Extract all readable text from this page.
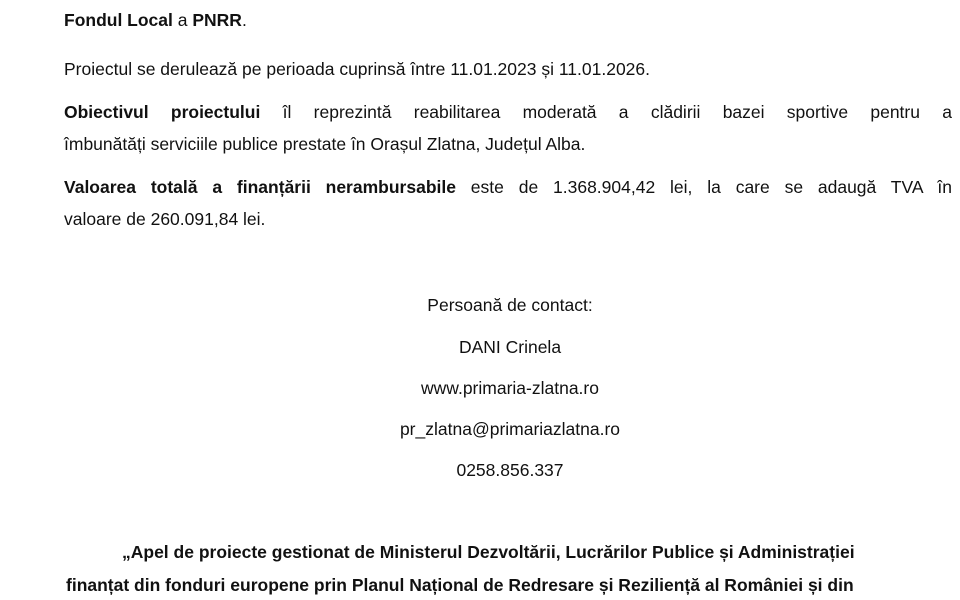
Fondul Local a PNRR.
Proiectul se derulează pe perioada cuprinsă între 11.01.2023 și 11.01.2026.
Obiectivul proiectului îl reprezintă reabilitarea moderată a clădirii bazei sportive pentru a
îmbunătăți serviciile publice prestate în Orașul Zlatna, Județul Alba.
Valoarea totală a finanțării nerambursabile este de 1.368.904,42 lei, la care se adaugă TVA în
valoare de 260.091,84 lei.
Persoană de contact:
DANI Crinela
www.primaria-zlatna.ro
pr_zlatna@primariazlatna.ro
0258.856.337
„Apel de proiecte gestionat de Ministerul Dezvoltării, Lucrărilor Publice și Administrației
finanțat din fonduri europene prin Planul Național de Redresare și Reziliență al României și din
